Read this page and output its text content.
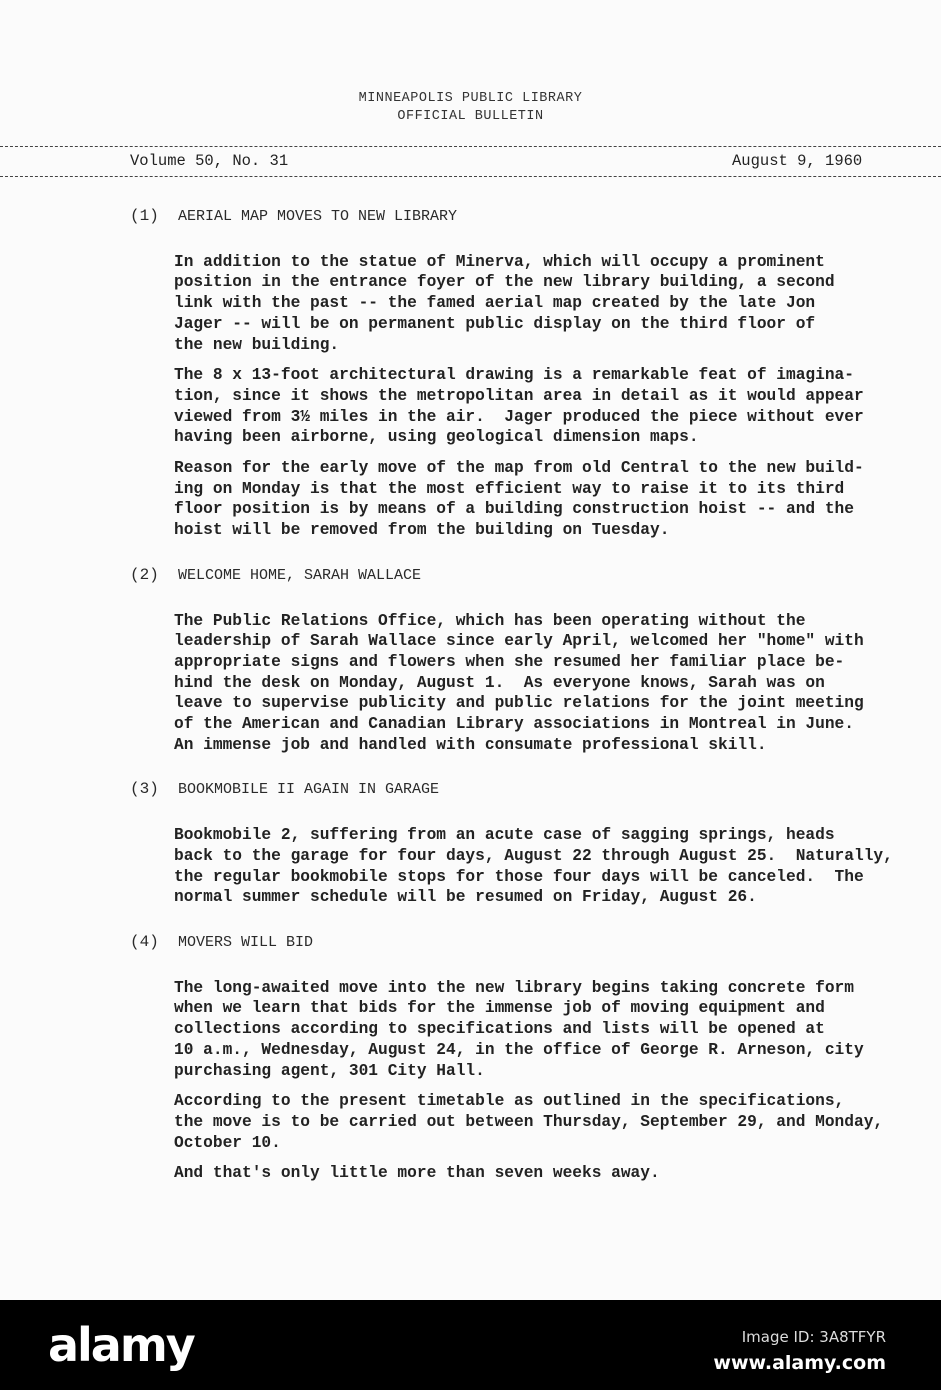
MINNEAPOLIS PUBLIC LIBRARY
OFFICIAL BULLETIN
Volume 50, No. 31	August 9, 1960
(1) AERIAL MAP MOVES TO NEW LIBRARY
In addition to the statue of Minerva, which will occupy a prominent
position in the entrance foyer of the new library building, a second
link with the past -- the famed aerial map created by the late Jon
Jager -- will be on permanent public display on the third floor of
the new building.
The 8 x 13-foot architectural drawing is a remarkable feat of imagina-
tion, since it shows the metropolitan area in detail as it would appear
viewed from 3½ miles in the air.  Jager produced the piece without ever
having been airborne, using geological dimension maps.
Reason for the early move of the map from old Central to the new build-
ing on Monday is that the most efficient way to raise it to its third
floor position is by means of a building construction hoist -- and the
hoist will be removed from the building on Tuesday.
(2) WELCOME HOME, SARAH WALLACE
The Public Relations Office, which has been operating without the
leadership of Sarah Wallace since early April, welcomed her "home" with
appropriate signs and flowers when she resumed her familiar place be-
hind the desk on Monday, August 1.  As everyone knows, Sarah was on
leave to supervise publicity and public relations for the joint meeting
of the American and Canadian Library associations in Montreal in June.
An immense job and handled with consumate professional skill.
(3) BOOKMOBILE II AGAIN IN GARAGE
Bookmobile 2, suffering from an acute case of sagging springs, heads
back to the garage for four days, August 22 through August 25.  Naturally,
the regular bookmobile stops for those four days will be canceled.  The
normal summer schedule will be resumed on Friday, August 26.
(4) MOVERS WILL BID
The long-awaited move into the new library begins taking concrete form
when we learn that bids for the immense job of moving equipment and
collections according to specifications and lists will be opened at
10 a.m., Wednesday, August 24, in the office of George R. Arneson, city
purchasing agent, 301 City Hall.
According to the present timetable as outlined in the specifications,
the move is to be carried out between Thursday, September 29, and Monday,
October 10.
And that's only little more than seven weeks away.
alamy	Image ID: 3A8TFYR
www.alamy.com
